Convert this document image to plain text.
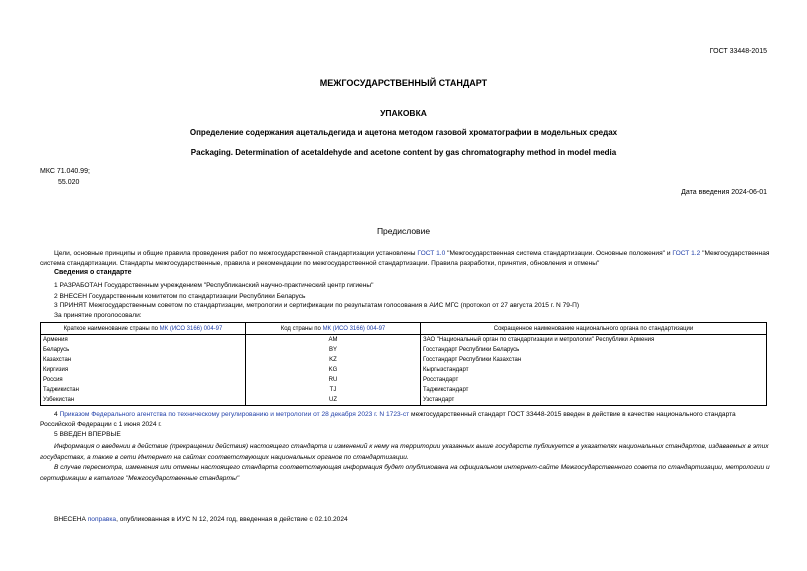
ГОСТ 33448-2015
МЕЖГОСУДАРСТВЕННЫЙ СТАНДАРТ
УПАКОВКА
Определение содержания ацетальдегида и ацетона методом газовой хроматографии в модельных средах
Packaging. Determination of acetaldehyde and acetone content by gas chromatography method in model media
МКС 71.040.99;
55.020
Дата введения 2024-06-01
Предисловие
Цели, основные принципы и общие правила проведения работ по межгосударственной стандартизации установлены ГОСТ 1.0 "Межгосударственная система стандартизации. Основные положения" и ГОСТ 1.2 "Межгосударственная система стандартизации. Стандарты межгосударственные, правила и рекомендации по межгосударственной стандартизации. Правила разработки, принятия, обновления и отмены"
Сведения о стандарте
1 РАЗРАБОТАН Государственным учреждением "Республиканский научно-практический центр гигиены"
2 ВНЕСЕН Государственным комитетом по стандартизации Республики Беларусь
3 ПРИНЯТ Межгосударственным советом по стандартизации, метрологии и сертификации по результатам голосования в АИС МГС (протокол от 27 августа 2015 г. N 79-П)
За принятие проголосовали:
Краткое наименование страны по МК (ИСО 3166) 004-97	Код страны по МК (ИСО 3166) 004-97	Сокращенное наименование национального органа по стандартизации
Армения	AM	ЗАО "Национальный орган по стандартизации и метрологии" Республики Армения
Беларусь	BY	Госстандарт Республики Беларусь
Казахстан	KZ	Госстандарт Республики Казахстан
Киргизия	KG	Кыргызстандарт
Россия	RU	Росстандарт
Таджикистан	TJ	Таджикстандарт
Узбекистан	UZ	Узстандарт
4 Приказом Федерального агентства по техническому регулированию и метрологии от 28 декабря 2023 г. N 1723-ст межгосударственный стандарт ГОСТ 33448-2015 введен в действие в качестве национального стандарта Российской Федерации с 1 июня 2024 г.
5 ВВЕДЕН ВПЕРВЫЕ
Информация о введении в действие (прекращении действия) настоящего стандарта и изменений к нему на территории указанных выше государств публикуется в указателях национальных стандартов, издаваемых в этих государствах, а также в сети Интернет на сайтах соответствующих национальных органов по стандартизации.
В случае пересмотра, изменения или отмены настоящего стандарта соответствующая информация будет опубликована на официальном интернет-сайте Межгосударственного совета по стандартизации, метрологии и сертификации в каталоге "Межгосударственные стандарты"
ВНЕСЕНА поправка, опубликованная в ИУС N 12, 2024 год, введенная в действие с 02.10.2024
